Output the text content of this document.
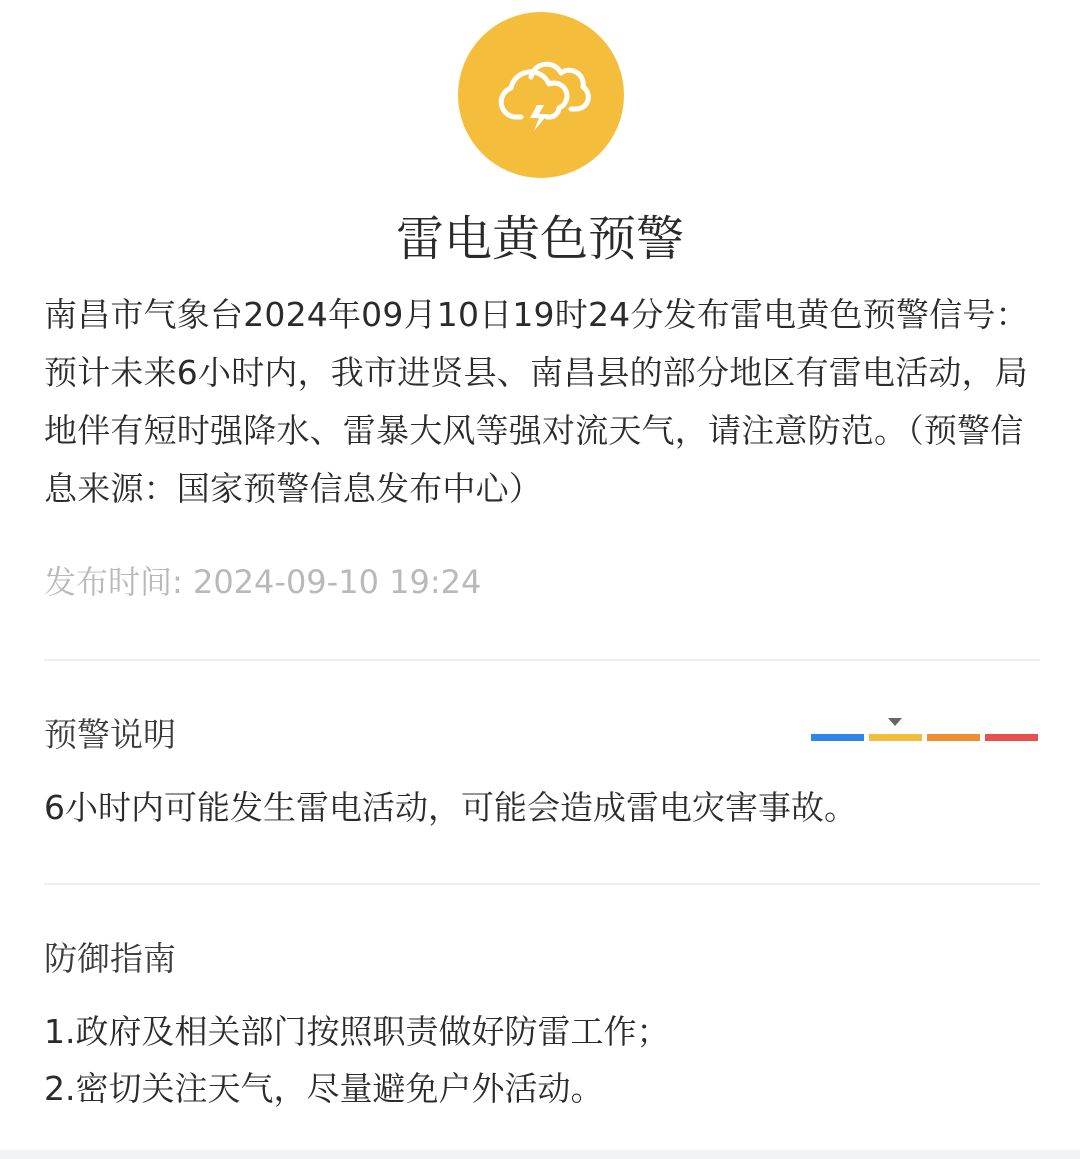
雷电黄色预警
南昌市气象台2024年09月10日19时24分发布雷电黄色预警信号：预计未来6小时内，我市进贤县、南昌县的部分地区有雷电活动，局地伴有短时强降水、雷暴大风等强对流天气，请注意防范。（预警信息来源：国家预警信息发布中心）
发布时间: 2024-09-10 19:24
预警说明
6小时内可能发生雷电活动，可能会造成雷电灾害事故。
防御指南
1.政府及相关部门按照职责做好防雷工作；
2.密切关注天气，尽量避免户外活动。
